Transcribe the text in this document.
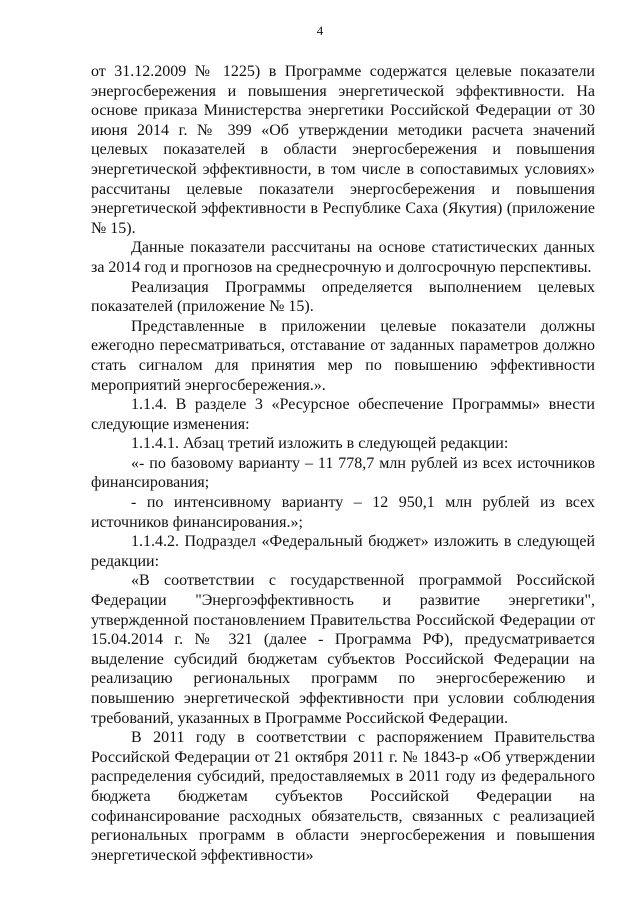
4

от 31.12.2009 № 1225) в Программе содержатся целевые показатели энергосбережения и повышения энергетической эффективности. На основе приказа Министерства энергетики Российской Федерации от 30 июня 2014 г. № 399 «Об утверждении методики расчета значений целевых показателей в области энергосбережения и повышения энергетической эффективности, в том числе в сопоставимых условиях» рассчитаны целевые показатели энергосбережения и повышения энергетической эффективности в Республике Саха (Якутия) (приложение № 15).

Данные показатели рассчитаны на основе статистических данных за 2014 год и прогнозов на среднесрочную и долгосрочную перспективы.

Реализация Программы определяется выполнением целевых показателей (приложение № 15).

Представленные в приложении целевые показатели должны ежегодно пересматриваться, отставание от заданных параметров должно стать сигналом для принятия мер по повышению эффективности мероприятий энергосбережения.».

1.1.4. В разделе 3 «Ресурсное обеспечение Программы» внести следующие изменения:

1.1.4.1. Абзац третий изложить в следующей редакции:

«- по базовому варианту – 11 778,7 млн рублей из всех источников финансирования;

- по интенсивному варианту – 12 950,1 млн рублей из всех источников финансирования.»;

1.1.4.2. Подраздел «Федеральный бюджет» изложить в следующей редакции:

«В соответствии с государственной программой Российской Федерации "Энергоэффективность и развитие энергетики", утвержденной постановлением Правительства Российской Федерации от 15.04.2014 г. № 321 (далее - Программа РФ), предусматривается выделение субсидий бюджетам субъектов Российской Федерации на реализацию региональных программ по энергосбережению и повышению энергетической эффективности при условии соблюдения требований, указанных в Программе Российской Федерации.

В 2011 году в соответствии с распоряжением Правительства Российской Федерации от 21 октября 2011 г. № 1843-р «Об утверждении распределения субсидий, предоставляемых в 2011 году из федерального бюджета бюджетам субъектов Российской Федерации на софинансирование расходных обязательств, связанных с реализацией региональных программ в области энергосбережения и повышения энергетической эффективности»
